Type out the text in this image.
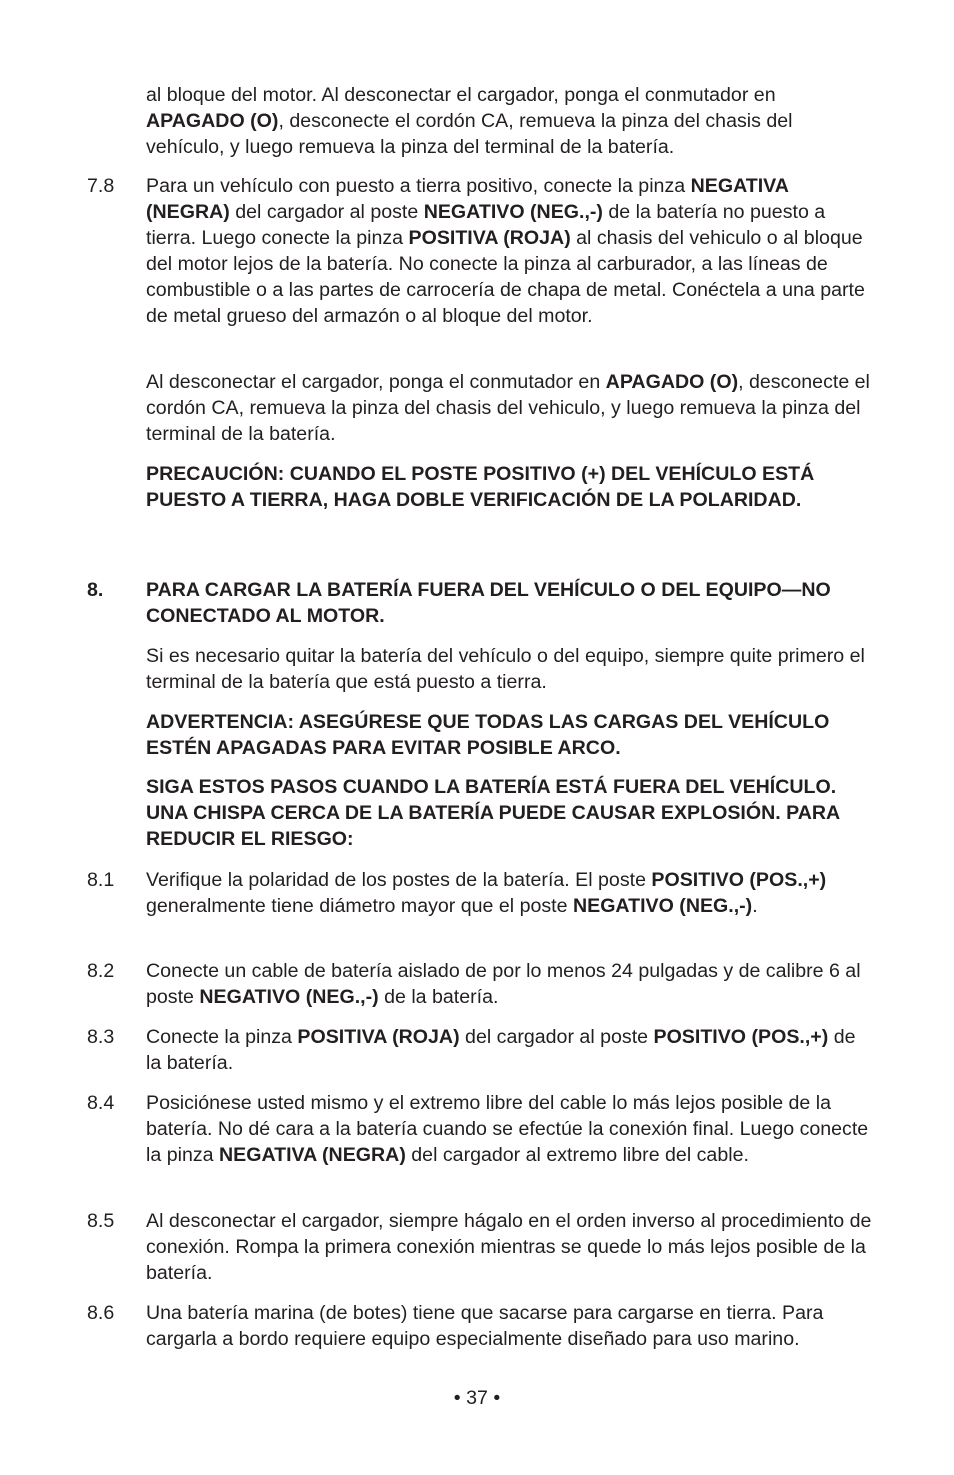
al bloque del motor. Al desconectar el cargador, ponga el conmutador en APAGADO (O), desconecte el cordón CA, remueva la pinza del chasis del vehículo, y luego remueva la pinza del terminal de la batería.
7.8 Para un vehículo con puesto a tierra positivo, conecte la pinza NEGATIVA (NEGRA) del cargador al poste NEGATIVO (NEG.,-) de la batería no puesto a tierra. Luego conecte la pinza POSITIVA (ROJA) al chasis del vehiculo o al bloque del motor lejos de la batería. No conecte la pinza al carburador, a las líneas de combustible o a las partes de carrocería de chapa de metal. Conéctela a una parte de metal grueso del armazón o al bloque del motor.
Al desconectar el cargador, ponga el conmutador en APAGADO (O), desconecte el cordón CA, remueva la pinza del chasis del vehiculo, y luego remueva la pinza del terminal de la batería.
PRECAUCIÓN: CUANDO EL POSTE POSITIVO (+) DEL VEHÍCULO ESTÁ PUESTO A TIERRA, HAGA DOBLE VERIFICACIÓN DE LA POLARIDAD.
8. PARA CARGAR LA BATERÍA FUERA DEL VEHÍCULO O DEL EQUIPO—NO CONECTADO AL MOTOR.
Si es necesario quitar la batería del vehículo o del equipo, siempre quite primero el terminal de la batería que está puesto a tierra.
ADVERTENCIA: ASEGÚRESE QUE TODAS LAS CARGAS DEL VEHÍCULO ESTÉN APAGADAS PARA EVITAR POSIBLE ARCO.
SIGA ESTOS PASOS CUANDO LA BATERÍA ESTÁ FUERA DEL VEHÍCULO. UNA CHISPA CERCA DE LA BATERÍA PUEDE CAUSAR EXPLOSIÓN. PARA REDUCIR EL RIESGO:
8.1 Verifique la polaridad de los postes de la batería. El poste POSITIVO (POS.,+) generalmente tiene diámetro mayor que el poste NEGATIVO (NEG.,-).
8.2 Conecte un cable de batería aislado de por lo menos 24 pulgadas y de calibre 6 al poste NEGATIVO (NEG.,-) de la batería.
8.3 Conecte la pinza POSITIVA (ROJA) del cargador al poste POSITIVO (POS.,+) de la batería.
8.4 Posiciónese usted mismo y el extremo libre del cable lo más lejos posible de la batería. No dé cara a la batería cuando se efectúe la conexión final. Luego conecte la pinza NEGATIVA (NEGRA) del cargador al extremo libre del cable.
8.5 Al desconectar el cargador, siempre hágalo en el orden inverso al procedimiento de conexión. Rompa la primera conexión mientras se quede lo más lejos posible de la batería.
8.6 Una batería marina (de botes) tiene que sacarse para cargarse en tierra. Para cargarla a bordo requiere equipo especialmente diseñado para uso marino.
• 37 •
